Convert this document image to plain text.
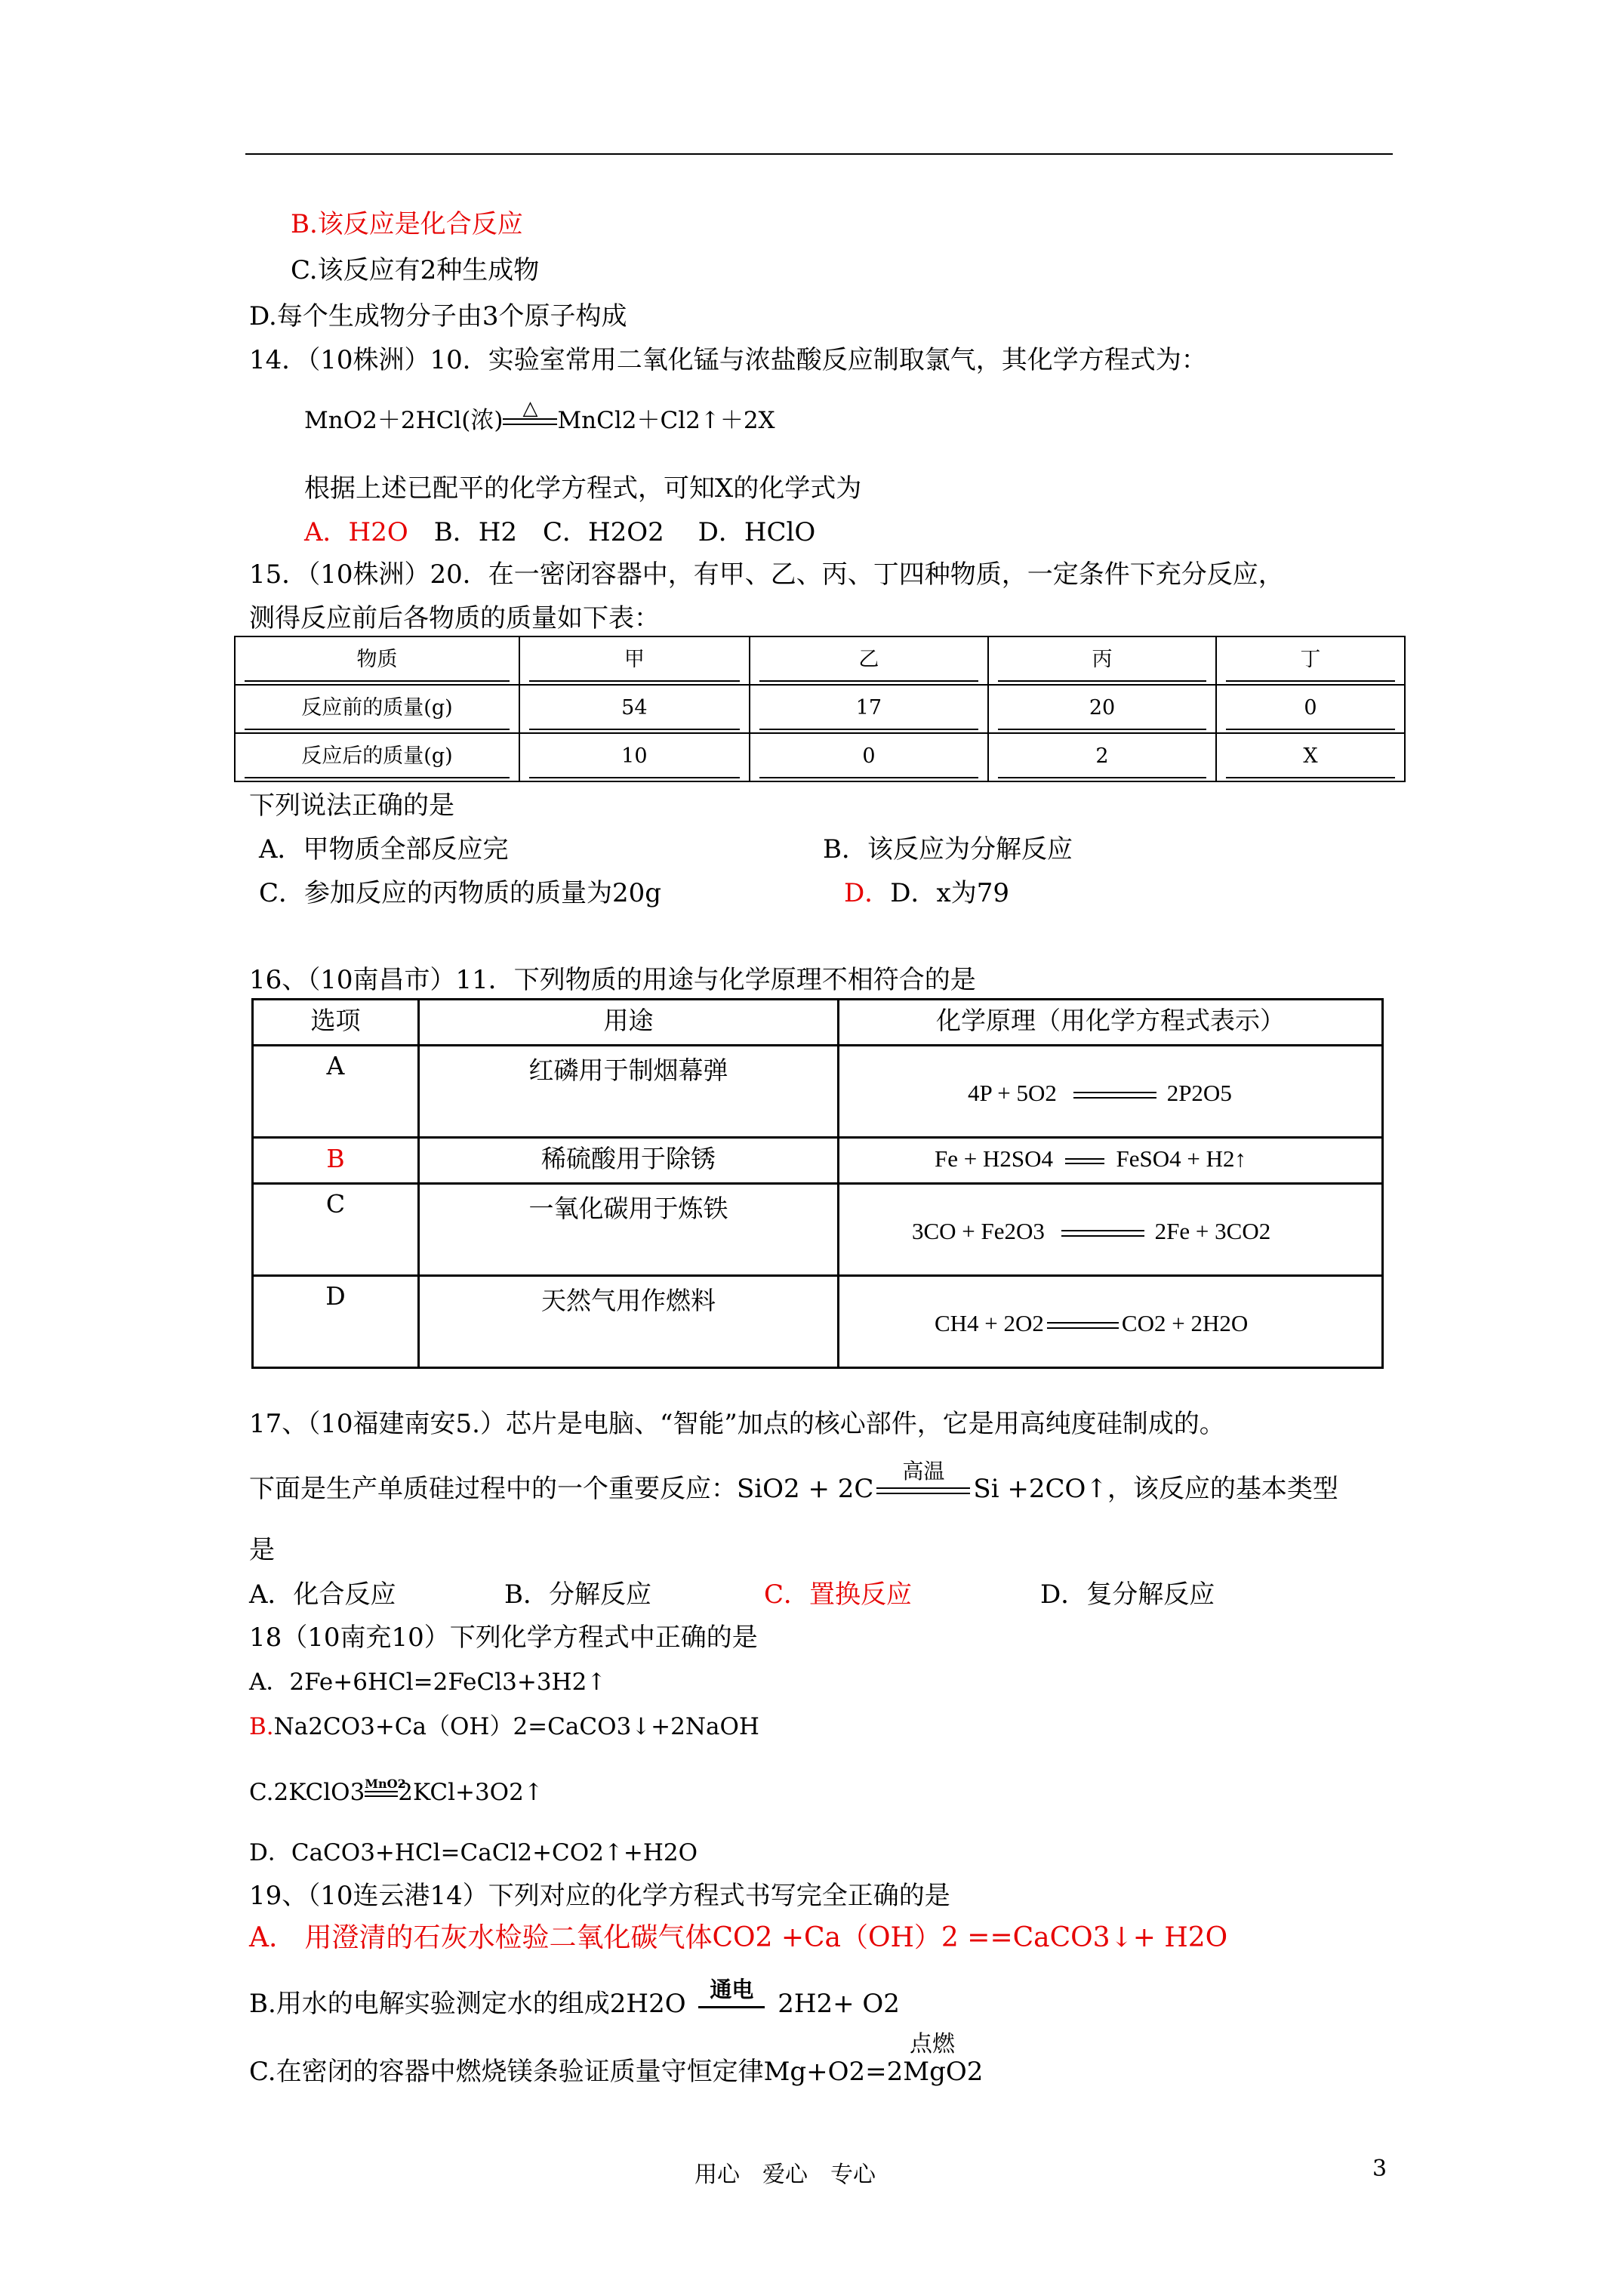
B.该反应是化合反应
C.该反应有2种生成物
D.每个生成物分子由3个原子构成
14．（10株洲）10．实验室常用二氧化锰与浓盐酸反应制取氯气，其化学方程式为：
MnO2＋2HCl(浓)	△ MnCl2＋Cl2↑＋2X
根据上述已配平的化学方程式，可知X的化学式为
A．H2O　 B．H2　C．H2O2　 D．HClO
15．（10株洲）20．在一密闭容器中，有甲、乙、丙、丁四种物质，一定条件下充分反应，
测得反应前后各物质的质量如下表：
物质	甲	乙	丙	丁

反应前的质量(g)	54	17	20	0

反应后的质量(g)	10	0	2	X
下列说法正确的是
A．甲物质全部反应完	B．该反应为分解反应
C．参加反应的丙物质的质量为20g	D．D．x为79
16、（10南昌市）11．下列物质的用途与化学原理不相符合的是
选项	用途	化学原理（用化学方程式表示）
A	红磷用于制烟幕弹	4P + 5O2 2P2O5
B	稀硫酸用于除锈	Fe + H2SO4 FeSO4 + H2↑
C	一氧化碳用于炼铁	3CO + Fe2O3 2Fe + 3CO2
D	天然气用作燃料	CH4 + 2O2 CO2 + 2H2O
17、（10福建南安5.）芯片是电脑、“智能”加点的核心部件，它是用高纯度硅制成的。
下面是生产单质硅过程中的一个重要反应：SiO2 + 2C
高温
Si +2CO↑，该反应的基本类型
是
A．化合反应	B．分解反应	C．置换反应	D．复分解反应
18（10南充10）下列化学方程式中正确的是
A．2Fe+6HCl=2FeCl3+3H2↑
B.Na2CO3+Ca（OH）2=CaCO3↓+2NaOH
C.2KClO3 MnO2
2KCl+3O2↑
D．CaCO3+HCl=CaCl2+CO2↑+H2O
19、（10连云港14）下列对应的化学方程式书写完全正确的是
A.　用澄清的石灰水检验二氧化碳气体CO2 +Ca（OH）2 ==CaCO3↓+ H2O
B.用水的电解实验测定水的组成2H2O	通电 2H2+ O2
点燃
C.在密闭的容器中燃烧镁条验证质量守恒定律Mg+O2=2MgO2
用心　爱心　专心	3
